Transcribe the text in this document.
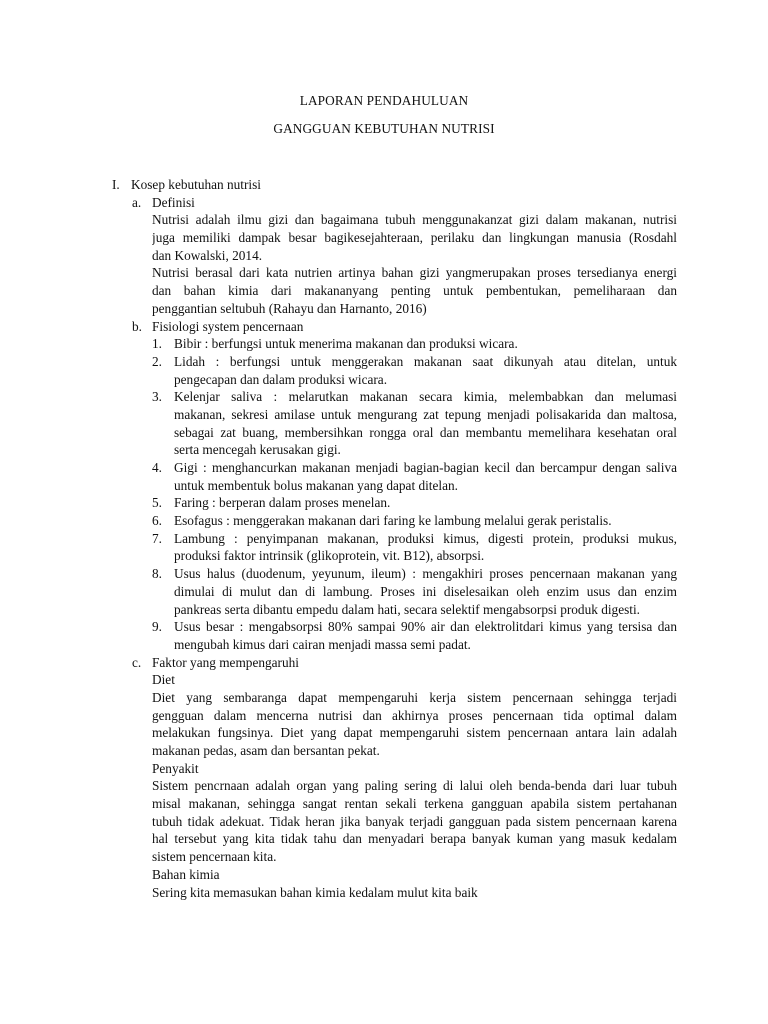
LAPORAN PENDAHULUAN
GANGGUAN KEBUTUHAN NUTRISI
I. Kosep kebutuhan nutrisi
a. Definisi
Nutrisi adalah ilmu gizi dan bagaimana tubuh menggunakanzat gizi dalam makanan, nutrisi
juga memiliki dampak besar bagikesejahteraan, perilaku dan lingkungan manusia (Rosdahl
dan Kowalski, 2014.
Nutrisi berasal dari kata nutrien artinya bahan gizi yangmerupakan proses tersedianya energi
dan bahan kimia dari makananyang penting untuk pembentukan, pemeliharaan dan
penggantian seltubuh (Rahayu dan Harnanto, 2016)
b. Fisiologi system pencernaan
1. Bibir : berfungsi untuk menerima makanan dan produksi wicara.
2. Lidah : berfungsi untuk menggerakan makanan saat dikunyah atau ditelan, untuk
pengecapan dan dalam produksi wicara.
3. Kelenjar saliva : melarutkan makanan secara kimia, melembabkan dan melumasi
makanan, sekresi amilase untuk mengurang zat tepung menjadi polisakarida dan maltosa,
sebagai zat buang, membersihkan rongga oral dan membantu memelihara kesehatan oral
serta mencegah kerusakan gigi.
4. Gigi : menghancurkan makanan menjadi bagian-bagian kecil dan bercampur dengan saliva
untuk membentuk bolus makanan yang dapat ditelan.
5. Faring : berperan dalam proses menelan.
6. Esofagus : menggerakan makanan dari faring ke lambung melalui gerak peristalis.
7. Lambung : penyimpanan makanan, produksi kimus, digesti protein, produksi mukus,
produksi faktor intrinsik (glikoprotein, vit. B12), absorpsi.
8. Usus halus (duodenum, yeyunum, ileum) : mengakhiri proses pencernaan makanan yang
dimulai di mulut dan di lambung. Proses ini diselesaikan oleh enzim usus dan enzim
pankreas serta dibantu empedu dalam hati, secara selektif mengabsorpsi produk digesti.
9. Usus besar : mengabsorpsi 80% sampai 90% air dan elektrolitdari kimus yang tersisa dan
mengubah kimus dari cairan menjadi massa semi padat.
c. Faktor yang mempengaruhi
Diet
Diet yang sembaranga dapat mempengaruhi kerja sistem pencernaan sehingga terjadi
gengguan dalam mencerna nutrisi dan akhirnya proses pencernaan tida optimal dalam
melakukan fungsinya. Diet yang dapat mempengaruhi sistem pencernaan antara lain adalah
makanan pedas, asam dan bersantan pekat.
Penyakit
Sistem pencrnaan adalah organ yang paling sering di lalui oleh benda-benda dari luar tubuh
misal makanan, sehingga sangat rentan sekali terkena gangguan apabila sistem pertahanan
tubuh tidak adekuat. Tidak heran jika banyak terjadi gangguan pada sistem pencernaan karena
hal tersebut yang kita tidak tahu dan menyadari berapa banyak kuman yang masuk kedalam
sistem pencernaan kita.
Bahan kimia
Sering kita memasukan bahan kimia kedalam mulut kita baik
